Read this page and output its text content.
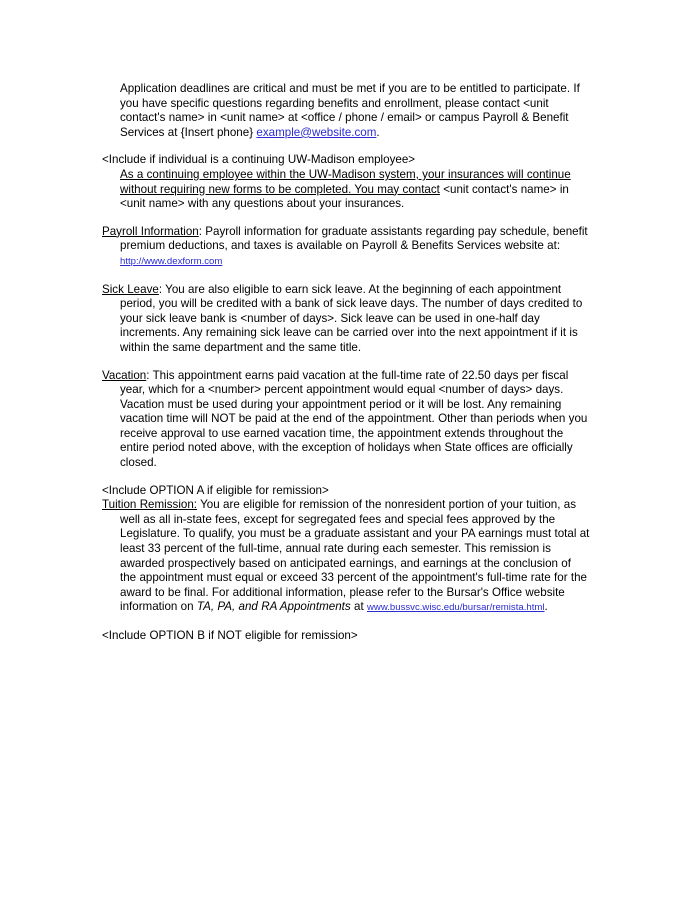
Application deadlines are critical and must be met if you are to be entitled to participate. If you have specific questions regarding benefits and enrollment, please contact <unit contact's name> in <unit name> at <office / phone / email> or campus Payroll & Benefit Services at {Insert phone} example@website.com.

<Include if individual is a continuing UW-Madison employee>

As a continuing employee within the UW-Madison system, your insurances will continue without requiring new forms to be completed. You may contact <unit contact's name> in <unit name> with any questions about your insurances.

Payroll Information: Payroll information for graduate assistants regarding pay schedule, benefit premium deductions, and taxes is available on Payroll & Benefits Services website at: http://www.dexform.com

Sick Leave: You are also eligible to earn sick leave. At the beginning of each appointment period, you will be credited with a bank of sick leave days. The number of days credited to your sick leave bank is <number of days>. Sick leave can be used in one-half day increments. Any remaining sick leave can be carried over into the next appointment if it is within the same department and the same title.

Vacation: This appointment earns paid vacation at the full-time rate of 22.50 days per fiscal year, which for a <number> percent appointment would equal <number of days> days. Vacation must be used during your appointment period or it will be lost. Any remaining vacation time will NOT be paid at the end of the appointment. Other than periods when you receive approval to use earned vacation time, the appointment extends throughout the entire period noted above, with the exception of holidays when State offices are officially closed.

<Include OPTION A if eligible for remission>

Tuition Remission: You are eligible for remission of the nonresident portion of your tuition, as well as all in-state fees, except for segregated fees and special fees approved by the Legislature. To qualify, you must be a graduate assistant and your PA earnings must total at least 33 percent of the full-time, annual rate during each semester. This remission is awarded prospectively based on anticipated earnings, and earnings at the conclusion of the appointment must equal or exceed 33 percent of the appointment's full-time rate for the award to be final. For additional information, please refer to the Bursar's Office website information on TA, PA, and RA Appointments at www.bussvc.wisc.edu/bursar/remista.html.

<Include OPTION B if NOT eligible for remission>
